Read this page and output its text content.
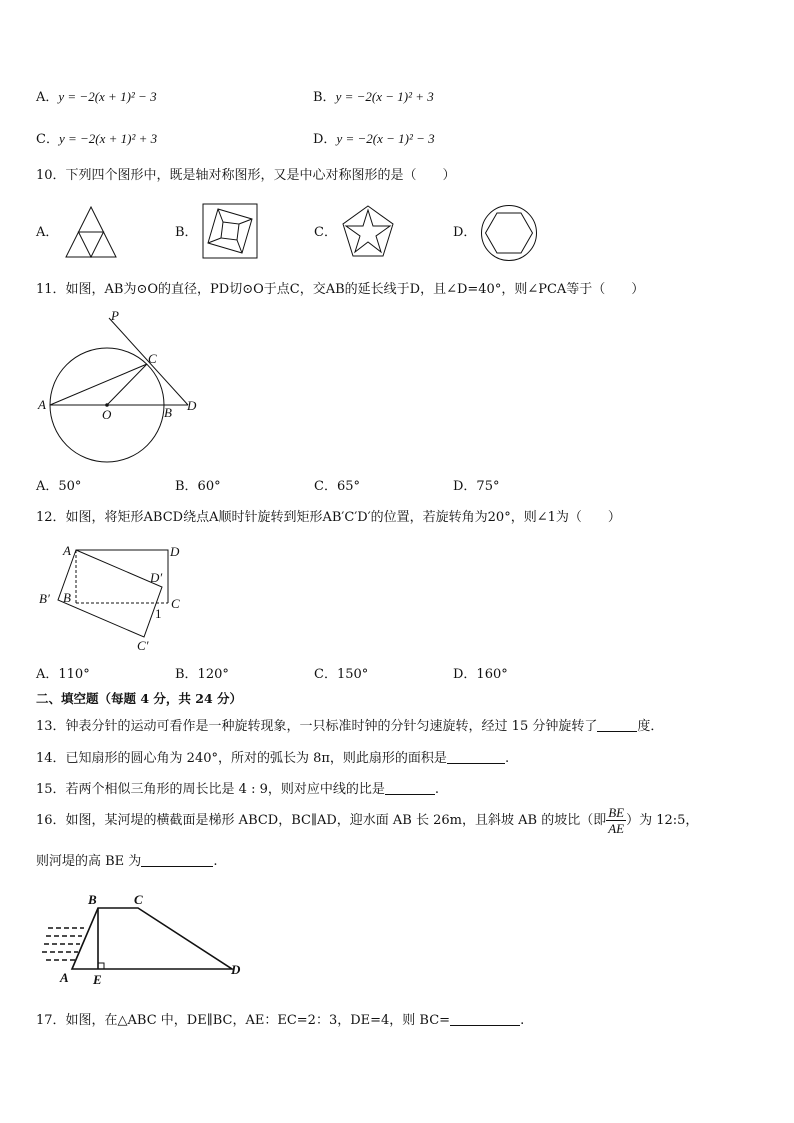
A．y = −2(x + 1)² − 3	B．y = −2(x − 1)² + 3
C．y = −2(x + 1)² + 3	D．y = −2(x − 1)² − 3
10．下列四个图形中，既是轴对称图形，又是中心对称图形的是（　　）
A．	B．	C．	D．
11．如图，AB为⊙O的直径，PD切⊙O于点C，交AB的延长线于D，且∠D=40°，则∠PCA等于（　　）
P
C
A
O	B D
A．50°	B．60°	C．65°	D．75°
12．如图，将矩形ABCD绕点A顺时针旋转到矩形AB′C′D′的位置，若旋转角为20°，则∠1为（　　）
A	D
D′
B′ B	C
1
C′
A．110°	B．120°	C．150°	D．160°
二、填空题（每题 4 分，共 24 分）
13．钟表分针的运动可看作是一种旋转现象，一只标准时钟的分针匀速旋转，经过 15 分钟旋转了	度．
14．已知扇形的圆心角为 240°，所对的弧长为 8π，则此扇形的面积是	.
15．若两个相似三角形的周长比是 4 : 9，则对应中线的比是	.
16．如图，某河堤的横截面是梯形 ABCD，BC∥AD，迎水面 AB 长 26m，且斜坡 AB 的坡比（即 $\frac{BE}{AE}$ ）为 12:5，
则河堤的高 BE 为	.
B	C
A E
D
17．如图，在△ABC 中，DE∥BC，AE：EC=2：3，DE=4，则 BC=	.
